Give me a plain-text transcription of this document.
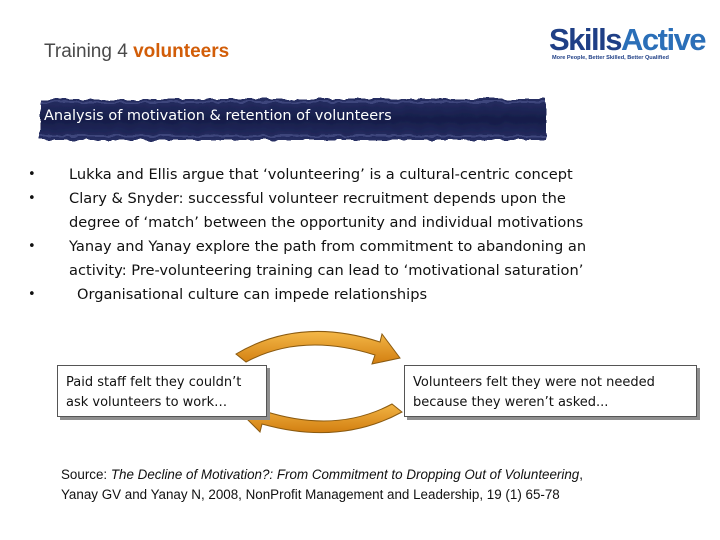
Training 4 volunteers	SkillsActive
More People, Better Skilled, Better Qualified
Analysis of motivation & retention of volunteers
• Lukka and Ellis argue that ‘volunteering’ is a cultural-centric concept
• Clary & Snyder: successful volunteer recruitment depends upon the
degree of ‘match’ between the opportunity and individual motivations
• Yanay and Yanay explore the path from commitment to abandoning an
activity: Pre-volunteering training can lead to ‘motivational saturation’
•	Organisational culture can impede relationships
Paid staff felt they couldn’t
ask volunteers to work…
Volunteers felt they were not needed
because they weren’t asked...
Source: The Decline of Motivation?: From Commitment to Dropping Out of Volunteering,
Yanay GV and Yanay N, 2008, NonProfit Management and Leadership, 19 (1) 65-78
